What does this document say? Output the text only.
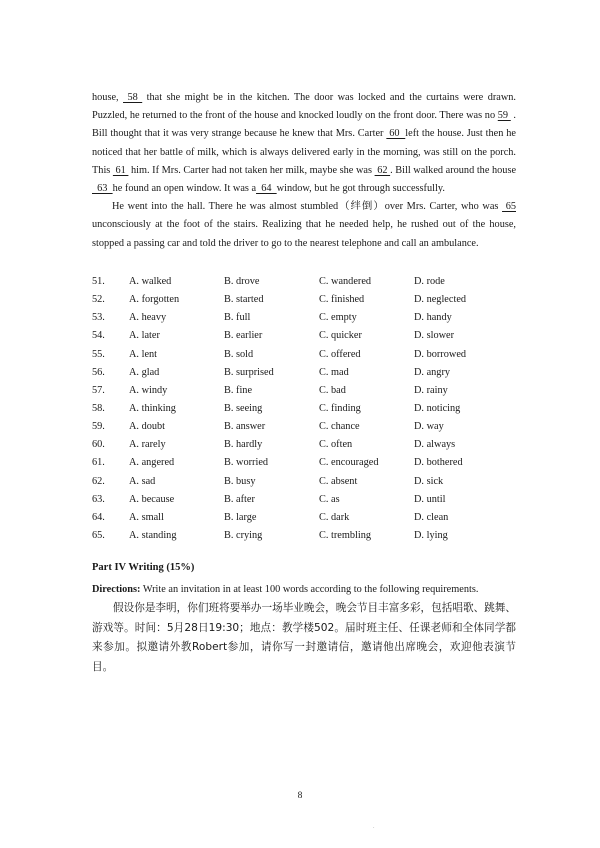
house,  58  that she might be in the kitchen. The door was locked and the curtains were drawn. Puzzled, he returned to the front of the house and knocked loudly on the front door. There was no 59  . Bill thought that it was very strange because he knew that Mrs. Carter  60  left the house. Just then he noticed that her battle of milk, which is always delivered early in the morning, was still on the porch. This  61  him. If Mrs. Carter had not taken her milk, maybe she was  62 . Bill walked around the house  63  he found an open window. It was a  64  window, but he got through successfully.

He went into the hall. There he was almost stumbled（绊倒）over Mrs. Carter, who was  65 unconsciously at the foot of the stairs. Realizing that he needed help, he rushed out of the house, stopped a passing car and told the driver to go to the nearest telephone and call an ambulance.

51. A. walked	B. drove	C. wandered	D. rode
52. A. forgotten	B. started	C. finished	D. neglected
53. A. heavy	B. full	C. empty	D. handy
54. A. later	B. earlier	C. quicker	D. slower
55. A. lent	B. sold	C. offered	D. borrowed
56. A. glad	B. surprised	C. mad	D. angry
57. A. windy	B. fine	C. bad	D. rainy
58. A. thinking	B. seeing	C. finding	D. noticing
59. A. doubt	B. answer	C. chance	D. way
60. A. rarely	B. hardly	C. often	D. always
61. A. angered	B. worried	C. encouraged	D. bothered
62. A. sad	B. busy	C. absent	D. sick
63. A. because	B. after	C. as	D. until
64. A. small	B. large	C. dark	D. clean
65. A. standing	B. crying	C. trembling	D. lying
Part IV Writing (15%)
Directions: Write an invitation in at least 100 words according to the following requirements.
假设你是李明，你们班将要举办一场毕业晚会，晚会节目丰富多彩，包括唱歌、跳舞、游戏等。时间：5月28日19:30；地点：教学楼502。届时班主任、任课老师和全体同学都来参加。拟邀请外教Robert参加，请你写一封邀请信，邀请他出席晚会，欢迎他表演节目。
8
.
